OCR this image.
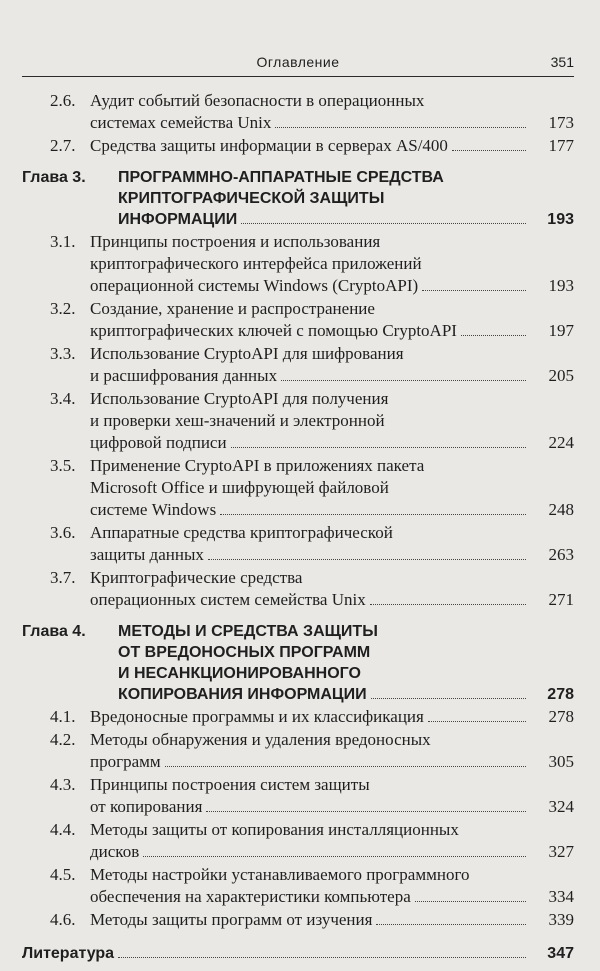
Оглавление	351
2.6. Аудит событий безопасности в операционных
системах семейства Unix	173
2.7. Средства защиты информации в серверах AS/400	177
Глава 3. ПРОГРАММНО-АППАРАТНЫЕ СРЕДСТВА
КРИПТОГРАФИЧЕСКОЙ ЗАЩИТЫ
ИНФОРМАЦИИ	193
3.1. Принципы построения и использования
криптографического интерфейса приложений
операционной системы Windows (CryptoAPI)	193
3.2. Создание, хранение и распространение
криптографических ключей с помощью CryptoAPI	197
3.3. Использование CryptoAPI для шифрования
и расшифрования данных	205
3.4. Использование CryptoAPI для получения
и проверки хеш-значений и электронной
цифровой подписи	224
3.5. Применение CryptoAPI в приложениях пакета
Microsoft Office и шифрующей файловой
системе Windows	248
3.6. Аппаратные средства криптографической
защиты данных	263
3.7. Криптографические средства
операционных систем семейства Unix	271
Глава 4. МЕТОДЫ И СРЕДСТВА ЗАЩИТЫ
ОТ ВРЕДОНОСНЫХ ПРОГРАММ
И НЕСАНКЦИОНИРОВАННОГО
КОПИРОВАНИЯ ИНФОРМАЦИИ	278
4.1. Вредоносные программы и их классификация	278
4.2. Методы обнаружения и удаления вредоносных
программ	305
4.3. Принципы построения систем защиты
от копирования	324
4.4. Методы защиты от копирования инсталляционных
дисков	327
4.5. Методы настройки устанавливаемого программного
обеспечения на характеристики компьютера	334
4.6. Методы защиты программ от изучения	339
Литература	347
